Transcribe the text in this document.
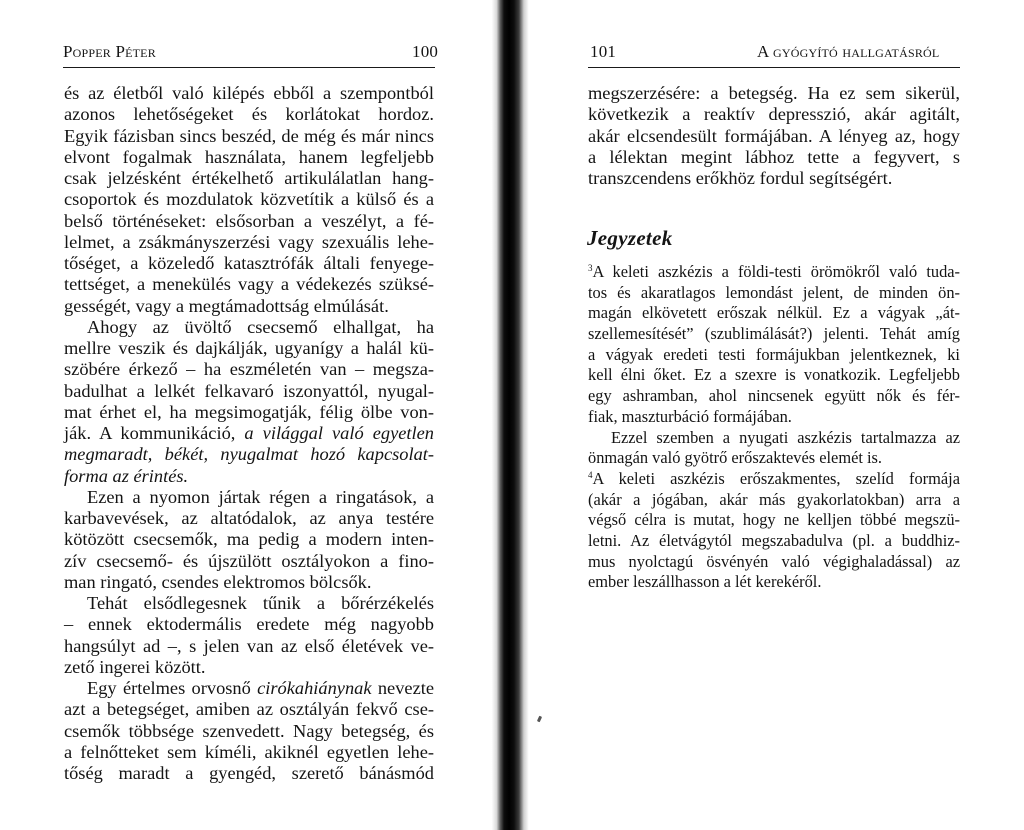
Popper Péter	100
és az életből való kilépés ebből a szempontból
azonos lehetőségeket és korlátokat hordoz.
Egyik fázisban sincs beszéd, de még és már nincs
elvont fogalmak használata, hanem legfeljebb
csak jelzésként értékelhető artikulálatlan hang-
csoportok és mozdulatok közvetítik a külső és a
belső történéseket: elsősorban a veszélyt, a fé-
lelmet, a zsákmányszerzési vagy szexuális lehe-
tőséget, a közeledő katasztrófák általi fenyege-
tettséget, a menekülés vagy a védekezés szüksé-
gességét, vagy a megtámadottság elmúlását.
Ahogy az üvöltő csecsemő elhallgat, ha
mellre veszik és dajkálják, ugyanígy a halál kü-
szöbére érkező – ha eszméletén van – megsza-
badulhat a lelkét felkavaró iszonyattól, nyugal-
mat érhet el, ha megsimogatják, félig ölbe von-
ják. A kommunikáció, a világgal való egyetlen
megmaradt, békét, nyugalmat hozó kapcsolat-
forma az érintés.
Ezen a nyomon jártak régen a ringatások, a
karbavevések, az altatódalok, az anya testére
kötözött csecsemők, ma pedig a modern inten-
zív csecsemő- és újszülött osztályokon a fino-
man ringató, csendes elektromos bölcsők.
Tehát elsődlegesnek tűnik a bőrérzékelés
– ennek ektodermális eredete még nagyobb
hangsúlyt ad –, s jelen van az első életévek ve-
zető ingerei között.
Egy értelmes orvosnő cirókahiánynak nevezte
azt a betegséget, amiben az osztályán fekvő cse-
csemők többsége szenvedett. Nagy betegség, és
a felnőtteket sem kíméli, akiknél egyetlen lehe-
tőség maradt a gyengéd, szerető bánásmód
101	A gyógyító hallgatásról
megszerzésére: a betegség. Ha ez sem sikerül,
következik a reaktív depresszió, akár agitált,
akár elcsendesült formájában. A lényeg az, hogy
a lélektan megint lábhoz tette a fegyvert, s
transzcendens erőkhöz fordul segítségért.
Jegyzetek
$^3$A keleti aszkézis a földi-testi örömökről való tuda-
tos és akaratlagos lemondást jelent, de minden ön-
magán elkövetett erőszak nélkül. Ez a vágyak „át-
szellemesítését” (szublimálását?) jelenti. Tehát amíg
a vágyak eredeti testi formájukban jelentkeznek, ki
kell élni őket. Ez a szexre is vonatkozik. Legfeljebb
egy ashramban, ahol nincsenek együtt nők és fér-
fiak, maszturbáció formájában.
Ezzel szemben a nyugati aszkézis tartalmazza az
önmagán való gyötrő erőszaktevés elemét is.
$^4$A keleti aszkézis erőszakmentes, szelíd formája
(akár a jógában, akár más gyakorlatokban) arra a
végső célra is mutat, hogy ne kelljen többé megszü-
letni. Az életvágytól megszabadulva (pl. a buddhiz-
mus nyolctagú ösvényén való végighaladással) az
ember leszállhasson a lét kerekéről.
